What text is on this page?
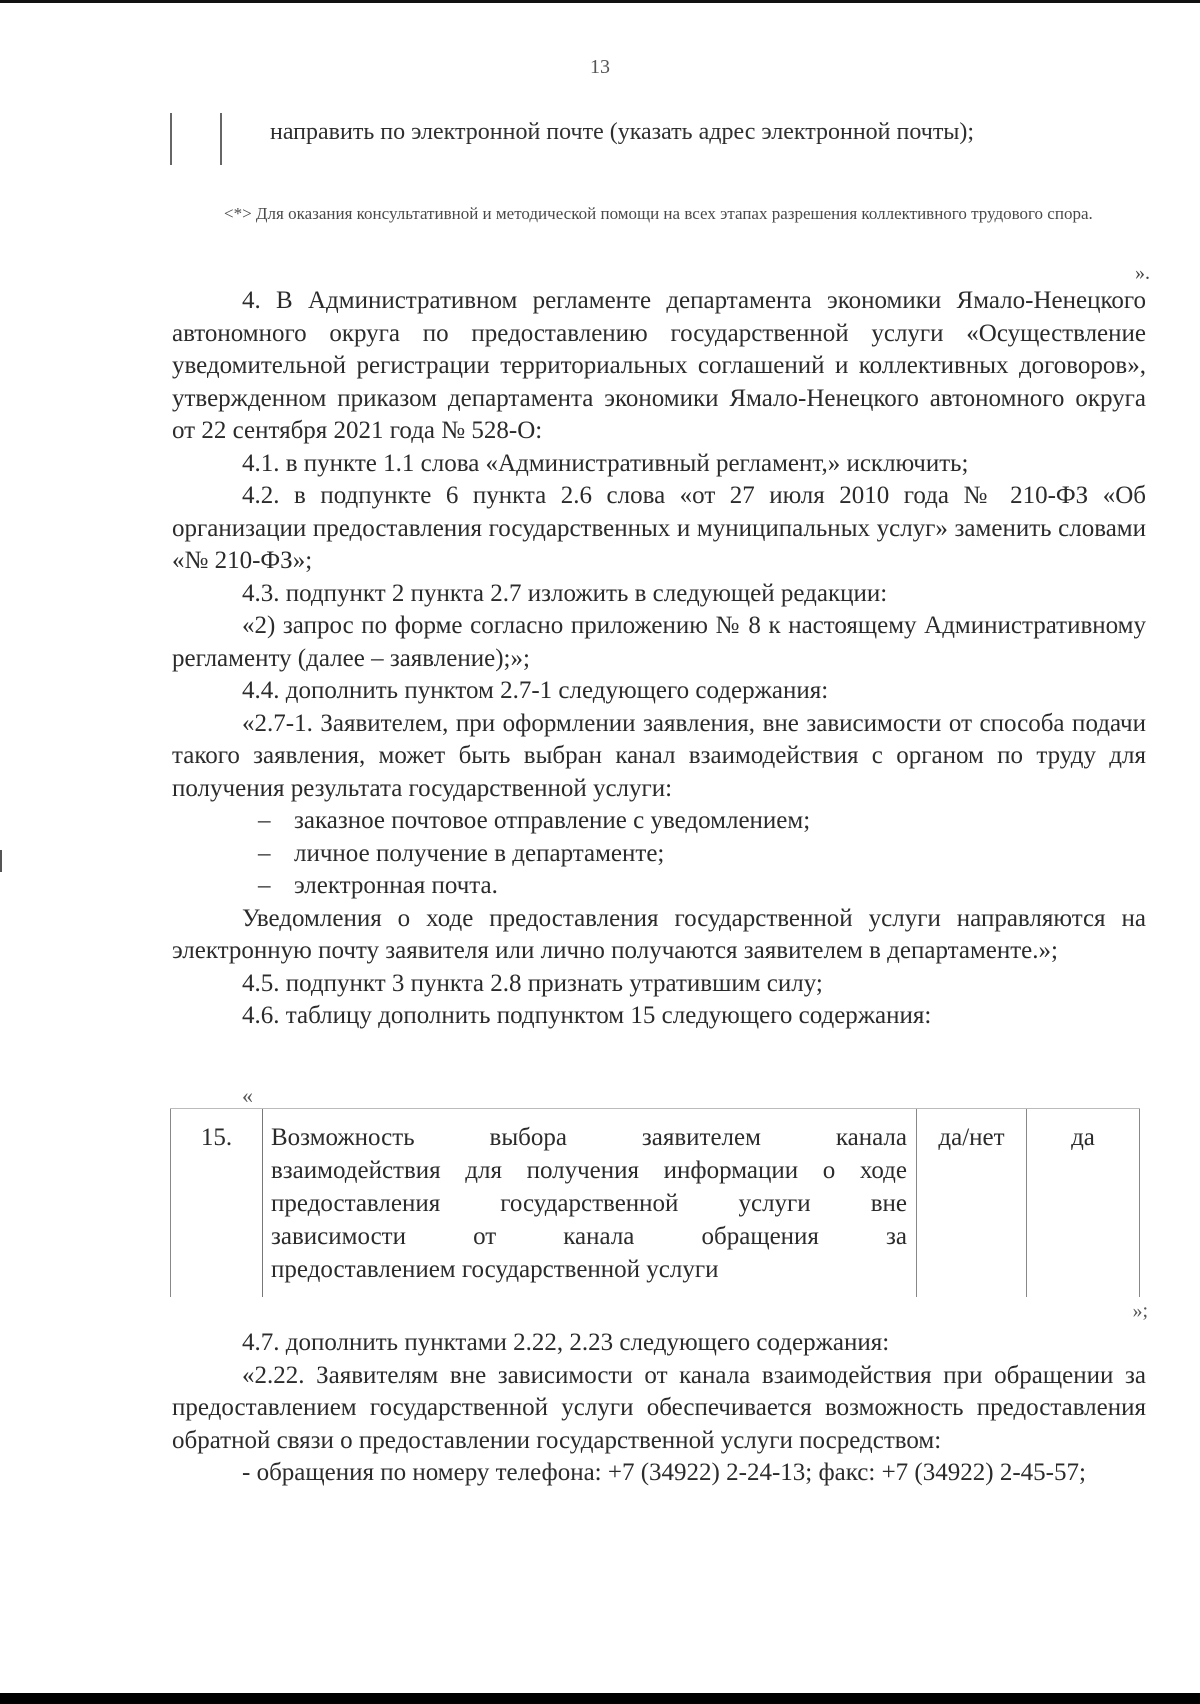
13
направить по электронной почте (указать адрес электронной почты);
<*> Для оказания консультативной и методической помощи на всех этапах разрешения коллективного трудового спора.
».

4. В Административном регламенте департамента экономики Ямало-Ненецкого автономного округа по предоставлению государственной услуги «Осуществление уведомительной регистрации территориальных соглашений и коллективных договоров», утвержденном приказом департамента экономики Ямало-Ненецкого автономного округа от 22 сентября 2021 года № 528-О:

4.1. в пункте 1.1 слова «Административный регламент,» исключить;

4.2. в подпункте 6 пункта 2.6 слова «от 27 июля 2010 года № 210-ФЗ «Об организации предоставления государственных и муниципальных услуг» заменить словами «№ 210-ФЗ»;

4.3. подпункт 2 пункта 2.7 изложить в следующей редакции:

«2) запрос по форме согласно приложению № 8 к настоящему Административному регламенту (далее – заявление);»;

4.4. дополнить пунктом 2.7-1 следующего содержания:

«2.7-1. Заявителем, при оформлении заявления, вне зависимости от способа подачи такого заявления, может быть выбран канал взаимодействия с органом по труду для получения результата государственной услуги:

– заказное почтовое отправление с уведомлением;

– личное получение в департаменте;

– электронная почта.

Уведомления о ходе предоставления государственной услуги направляются на электронную почту заявителя или лично получаются заявителем в департаменте.»;

4.5. подпункт 3 пункта 2.8 признать утратившим силу;

4.6. таблицу дополнить подпунктом 15 следующего содержания:

«
15.	Возможность выбора заявителем канала
взаимодействия для получения информации о ходе
предоставления государственной услуги вне
зависимости от канала обращения за
предоставлением государственной услуги
да/нет	да
»;

4.7. дополнить пунктами 2.22, 2.23 следующего содержания:

«2.22. Заявителям вне зависимости от канала взаимодействия при обращении за предоставлением государственной услуги обеспечивается возможность предоставления обратной связи о предоставлении государственной услуги посредством:

- обращения по номеру телефона: +7 (34922) 2-24-13; факс: +7 (34922) 2-45-57;
